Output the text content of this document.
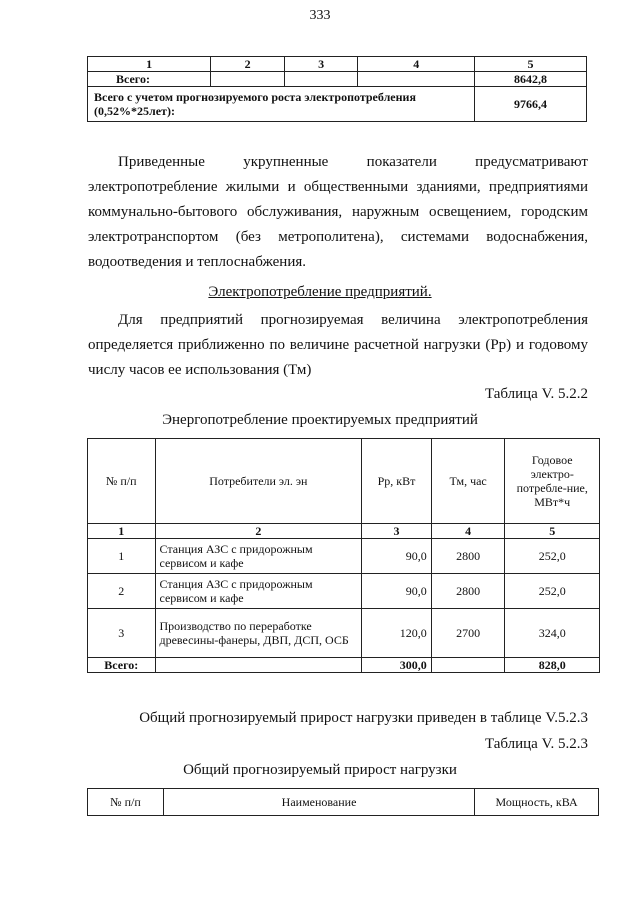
333
1	2	3	4	5
Всего:				8642,8
Всего с учетом прогнозируемого роста электропотребления (0,52%*25лет):				9766,4
Приведенные укрупненные показатели предусматривают электропотребление жилыми и общественными зданиями, предприятиями коммунально-бытового обслуживания, наружным освещением, городским электротранспортом (без метрополитена), системами водоснабжения, водоотведения и теплоснабжения.
Электропотребление предприятий.
Для предприятий прогнозируемая величина электропотребления определяется приближенно по величине расчетной нагрузки (Рр) и годовому числу часов ее использования (Тм)
Таблица V. 5.2.2
Энергопотребление проектируемых предприятий
№ п/п	Потребители эл. эн	Рр, кВт	Тм, час	Годовое электро-потребле-ние, МВт*ч
1	2	3	4	5
1	Станция АЗС с придорожным сервисом и кафе	90,0	2800	252,0
2	Станция АЗС с придорожным сервисом и кафе	90,0	2800	252,0
3	Производство по переработке древесины-фанеры, ДВП, ДСП, ОСБ	120,0	2700	324,0
Всего:		300,0		828,0
Общий прогнозируемый прирост нагрузки приведен в таблице V.5.2.3
Таблица V. 5.2.3
Общий прогнозируемый прирост нагрузки
№ п/п	Наименование	Мощность, кВА
